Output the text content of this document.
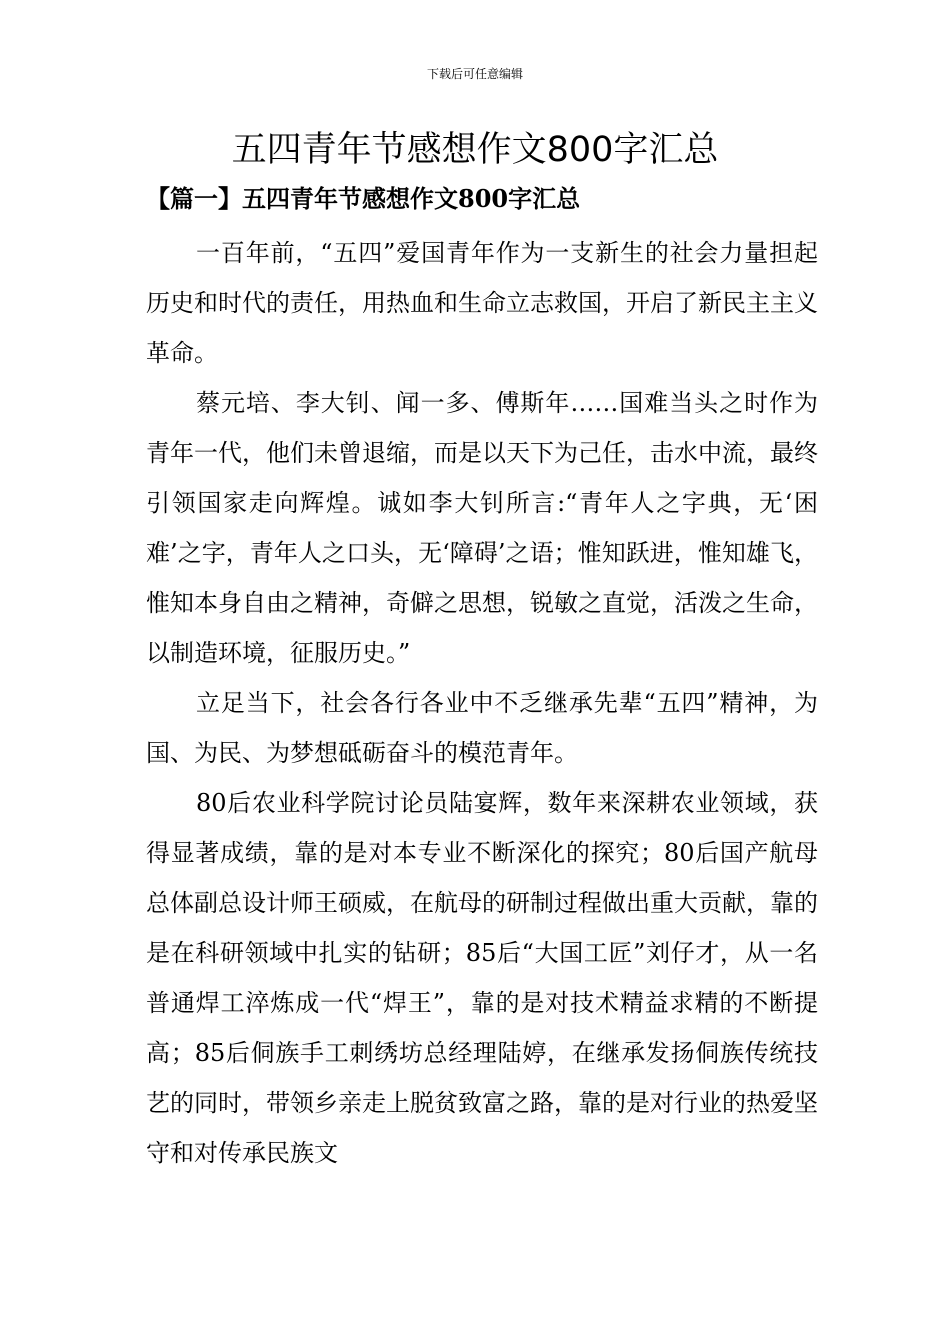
下载后可任意编辑
五四青年节感想作文800字汇总
【篇一】五四青年节感想作文800字汇总

一百年前，“五四”爱国青年作为一支新生的社会力量担起历史和时代的责任，用热血和生命立志救国，开启了新民主主义革命。

蔡元培、李大钊、闻一多、傅斯年……国难当头之时作为青年一代，他们未曾退缩，而是以天下为己任，击水中流，最终引领国家走向辉煌。诚如李大钊所言:“青年人之字典，无‘困难’之字，青年人之口头，无‘障碍’之语；惟知跃进，惟知雄飞，惟知本身自由之精神，奇僻之思想，锐敏之直觉，活泼之生命，以制造环境，征服历史。”

立足当下，社会各行各业中不乏继承先辈“五四”精神，为国、为民、为梦想砥砺奋斗的模范青年。

80后农业科学院讨论员陆宴辉，数年来深耕农业领域，获得显著成绩，靠的是对本专业不断深化的探究；80后国产航母总体副总设计师王硕威，在航母的研制过程做出重大贡献，靠的是在科研领域中扎实的钻研；85后“大国工匠”刘仔才，从一名普通焊工淬炼成一代“焊王”，靠的是对技术精益求精的不断提高；85后侗族手工刺绣坊总经理陆婷，在继承发扬侗族传统技艺的同时，带领乡亲走上脱贫致富之路，靠的是对行业的热爱坚守和对传承民族文
